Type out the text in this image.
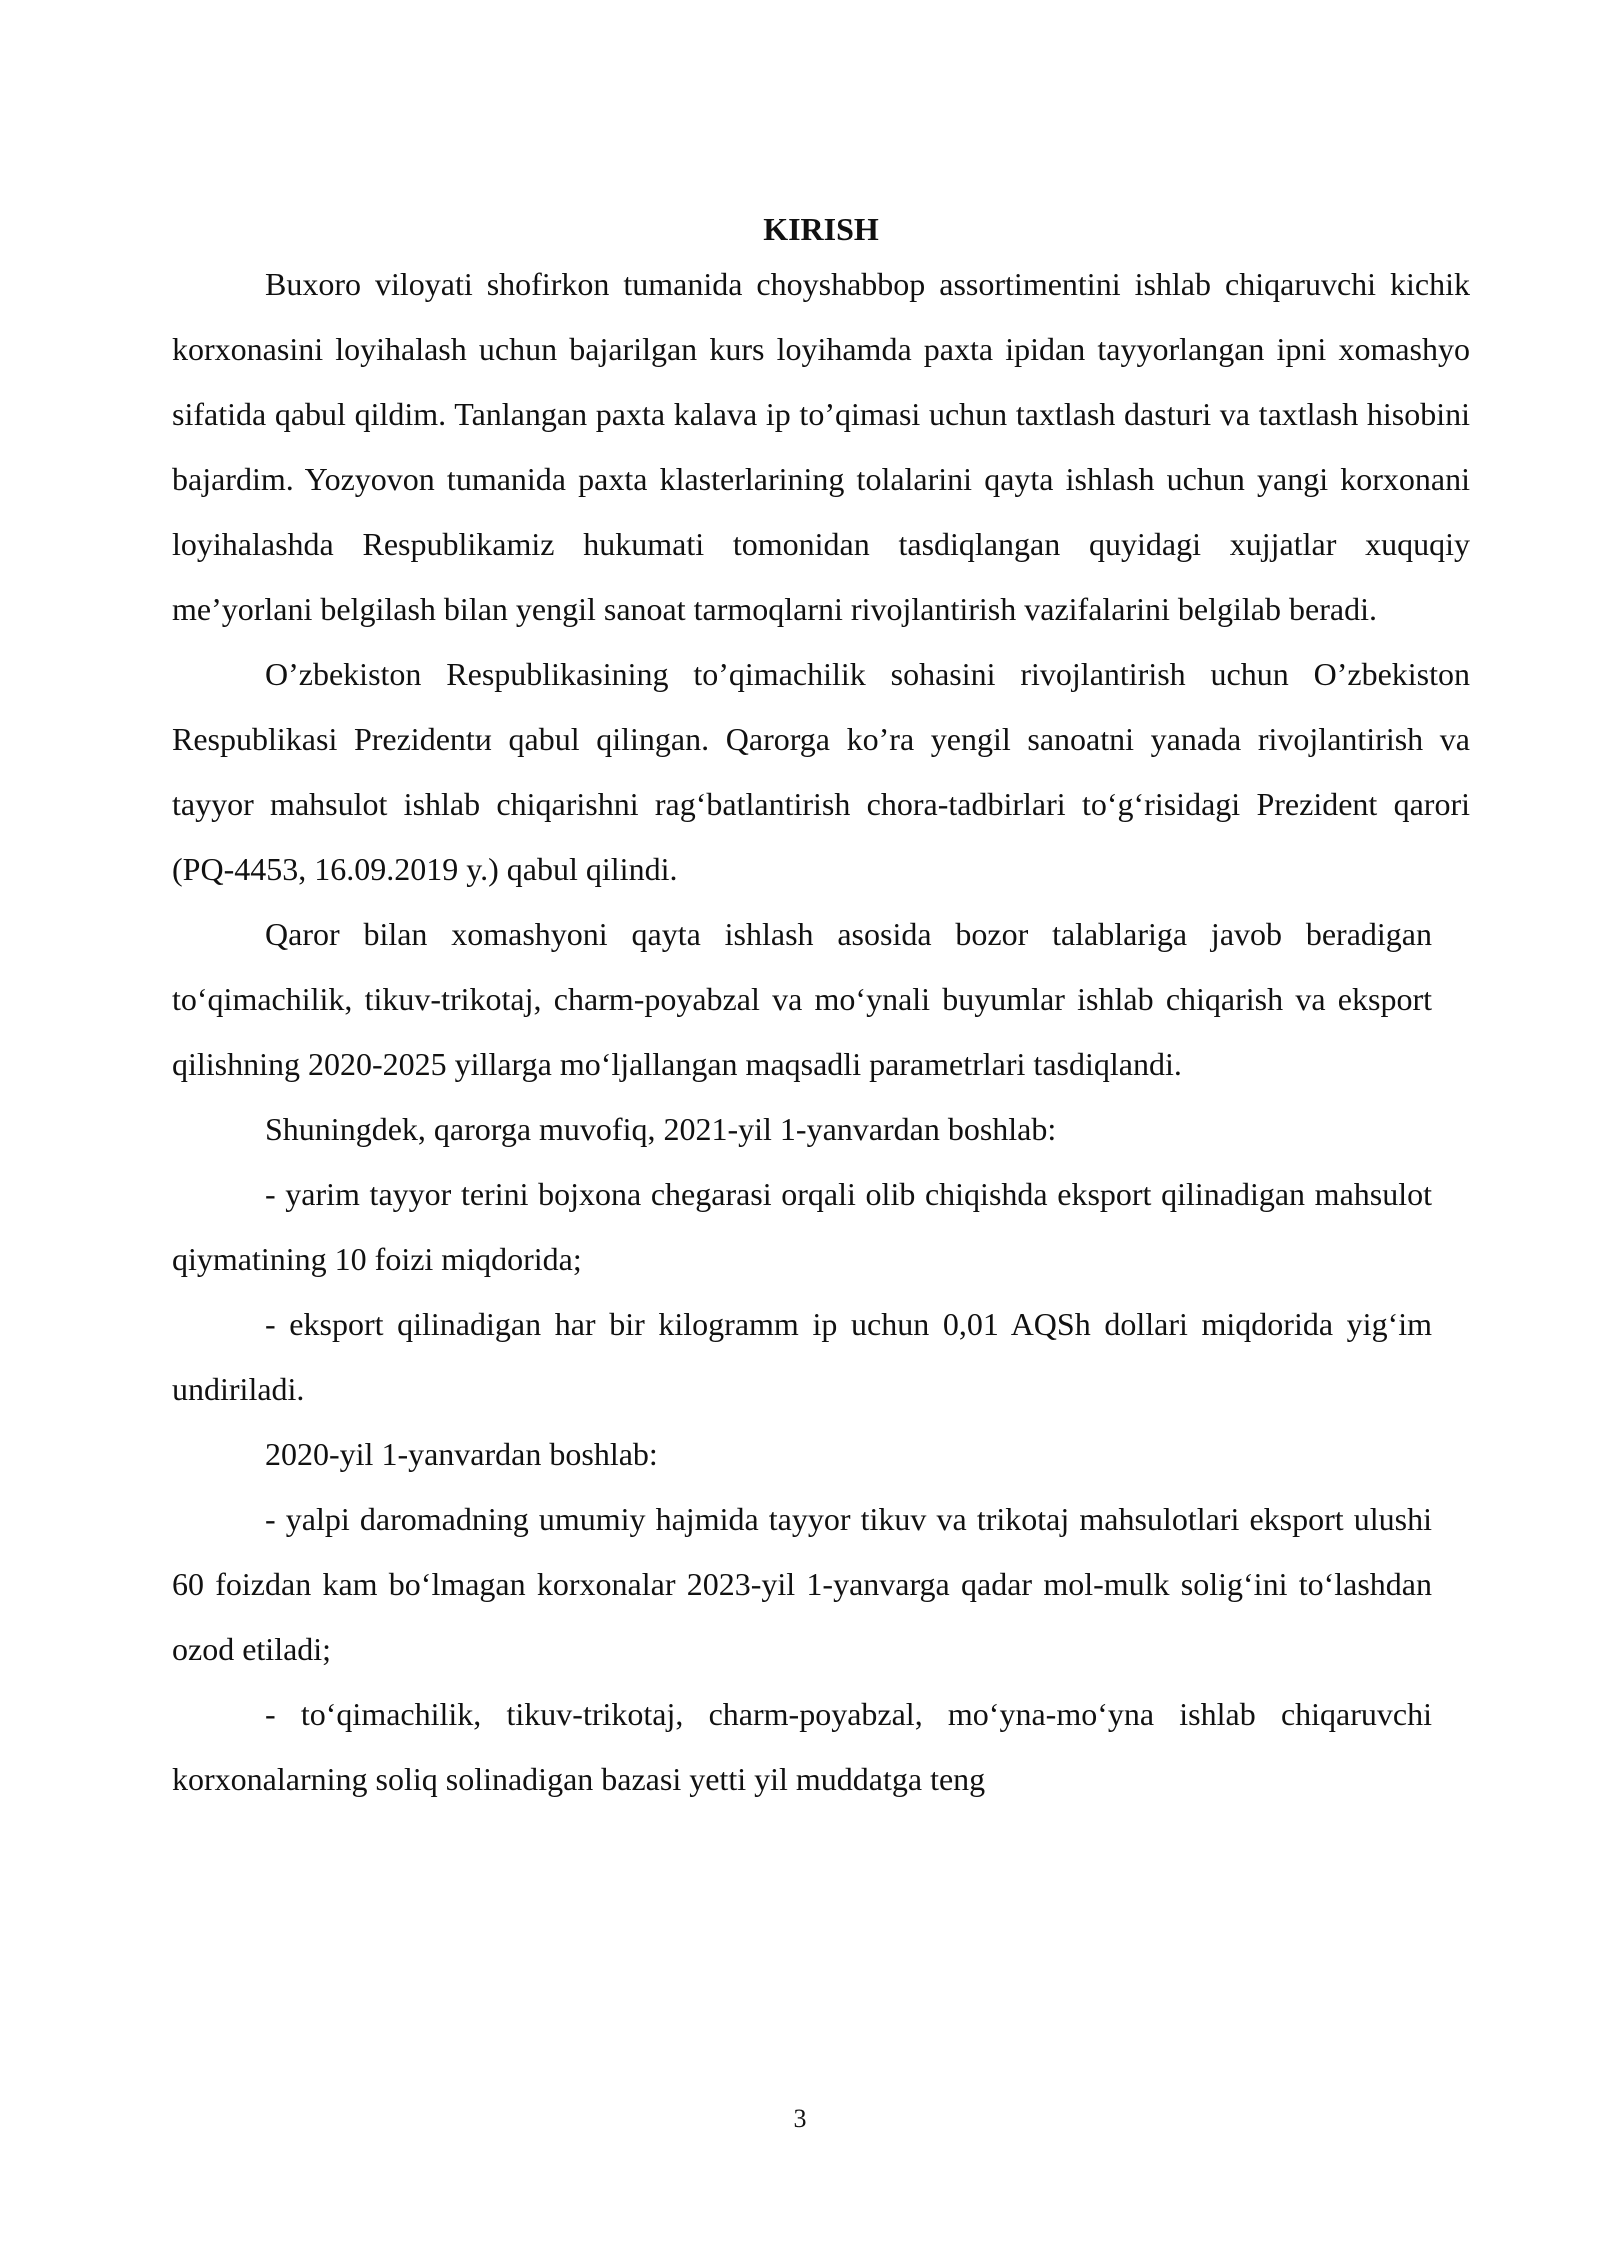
KIRISH

Buxoro viloyati shofirkon tumanida choyshabbop assortimentini ishlab chiqaruvchi kichik korxonasini loyihalash uchun bajarilgan kurs loyihamda paxta ipidan tayyorlangan ipni xomashyo sifatida qabul qildim. Tanlangan paxta kalava ip to’qimasi uchun taxtlash dasturi va taxtlash hisobini bajardim. Yozyovon tumanida paxta klasterlarining tolalarini qayta ishlash uchun yangi korxonani loyihalashda Respublikamiz hukumati tomonidan tasdiqlangan quyidagi xujjatlar xuquqiy me’yorlani belgilash bilan yengil sanoat tarmoqlarni rivojlantirish vazifalarini belgilab beradi.

O’zbekiston Respublikasining to’qimachilik sohasini rivojlantirish uchun O’zbekiston Respublikasi Prezidentи qabul qilingan. Qarorga ko’ra yengil sanoatni yanada rivojlantirish va tayyor mahsulot ishlab chiqarishni rag‘batlantirish chora-tadbirlari to‘g‘risidagi Prezident qarori (PQ-4453, 16.09.2019 y.) qabul qilindi.

Qaror bilan xomashyoni qayta ishlash asosida bozor talablariga javob beradigan to‘qimachilik, tikuv-trikotaj, charm-poyabzal va mo‘ynali buyumlar ishlab chiqarish va eksport qilishning 2020-2025 yillarga mo‘ljallangan maqsadli parametrlari tasdiqlandi.

Shuningdek, qarorga muvofiq, 2021-yil 1-yanvardan boshlab:

- yarim tayyor terini bojxona chegarasi orqali olib chiqishda eksport qilinadigan mahsulot qiymatining 10 foizi miqdorida;

- eksport qilinadigan har bir kilogramm ip uchun 0,01 AQSh dollari miqdorida yig‘im undiriladi.

2020-yil 1-yanvardan boshlab:

- yalpi daromadning umumiy hajmida tayyor tikuv va trikotaj mahsulotlari eksport ulushi 60 foizdan kam bo‘lmagan korxonalar 2023-yil 1-yanvarga qadar mol-mulk solig‘ini to‘lashdan ozod etiladi;

- to‘qimachilik, tikuv-trikotaj, charm-poyabzal, mo‘yna-mo‘yna ishlab chiqaruvchi korxonalarning soliq solinadigan bazasi yetti yil muddatga teng

3
